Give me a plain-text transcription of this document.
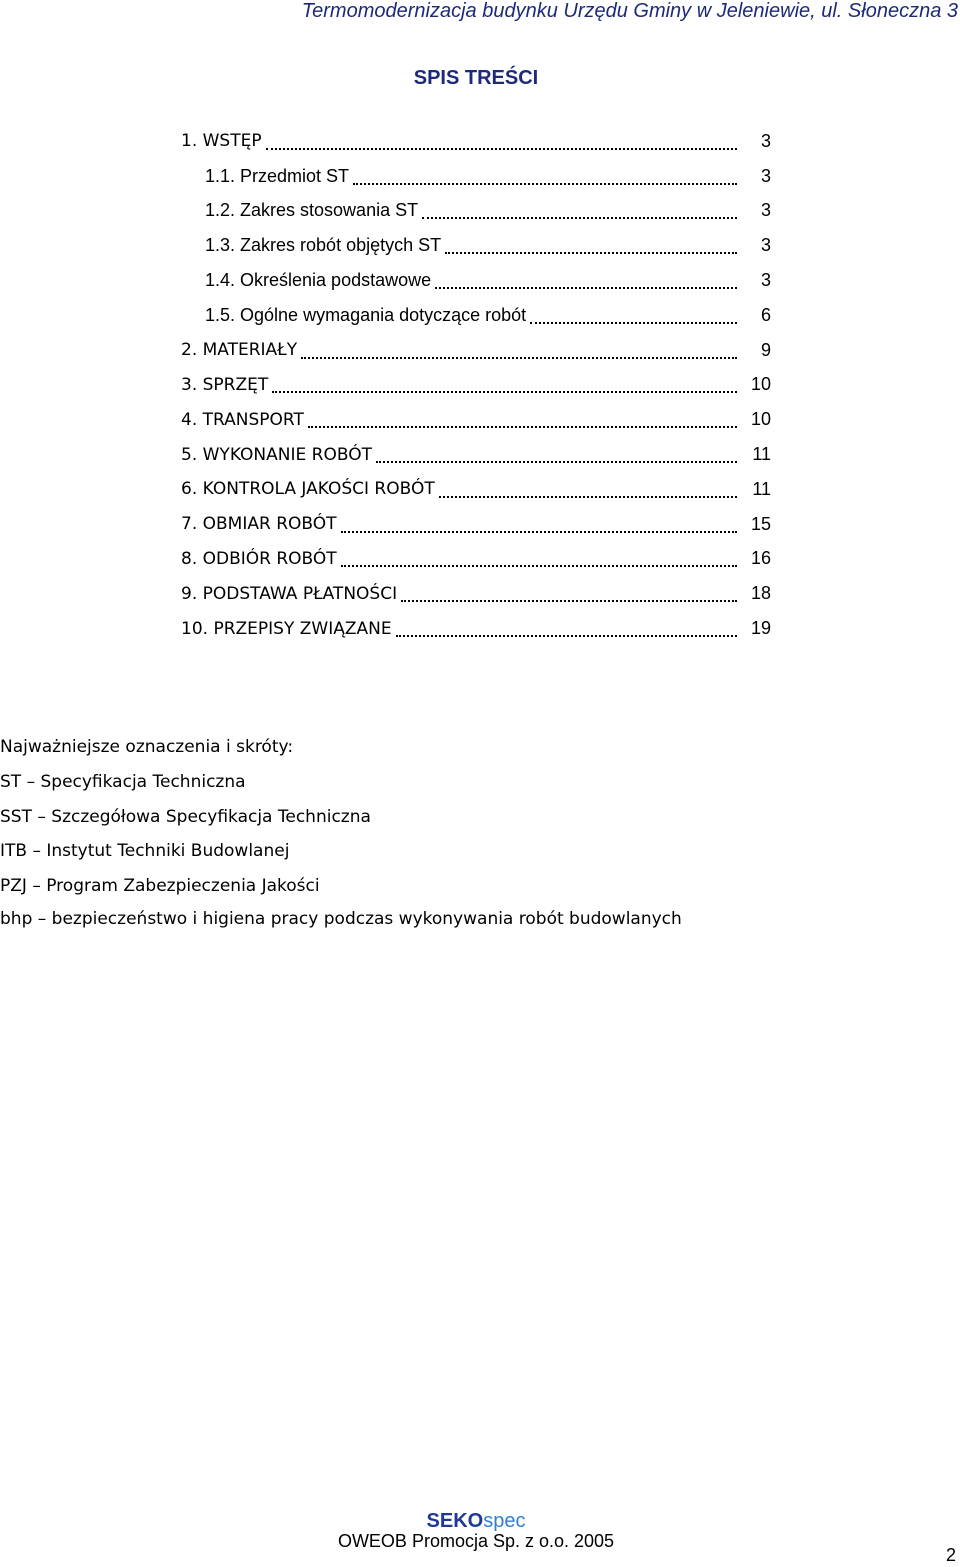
Termomodernizacja budynku Urzędu Gminy w Jeleniewie, ul. Słoneczna 3
SPIS TREŚCI
1. WSTĘP	3
1.1. Przedmiot ST	3
1.2. Zakres stosowania ST	3
1.3. Zakres robót objętych ST	3
1.4. Określenia podstawowe	3
1.5. Ogólne wymagania dotyczące robót	6
2. MATERIAŁY	9
3. SPRZĘT	10
4. TRANSPORT	10
5. WYKONANIE ROBÓT	11
6. KONTROLA JAKOŚCI ROBÓT	11
7. OBMIAR ROBÓT	15
8. ODBIÓR ROBÓT	16
9. PODSTAWA PŁATNOŚCI	18
10. PRZEPISY ZWIĄZANE	19
Najważniejsze oznaczenia i skróty:
ST – Specyfikacja Techniczna
SST – Szczegółowa Specyfikacja Techniczna
ITB – Instytut Techniki Budowlanej
PZJ – Program Zabezpieczenia Jakości
bhp – bezpieczeństwo i higiena pracy podczas wykonywania robót budowlanych
SEKOspec
OWEOB Promocja Sp. z o.o. 2005
2
